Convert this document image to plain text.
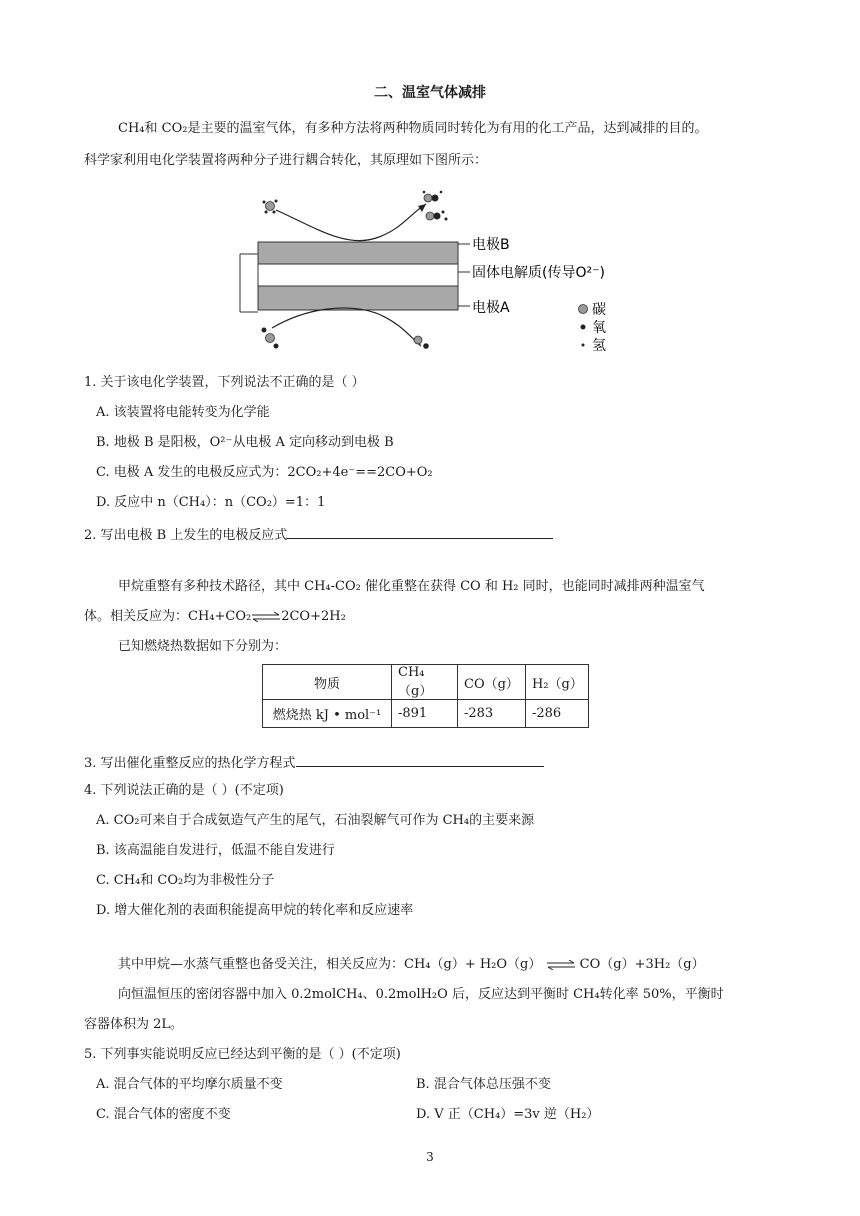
二、温室气体减排
CH₄和 CO₂是主要的温室气体，有多种方法将两种物质同时转化为有用的化工产品，达到减排的目的。
科学家利用电化学装置将两种分子进行耦合转化，其原理如下图所示：
电极B
固体电解质(传导O²⁻)
电极A	碳
氧
氢
1. 关于该电化学装置，下列说法不正确的是（ ）
A. 该装置将电能转变为化学能
B. 地极 B 是阳极，O²⁻从电极 A 定向移动到电极 B
C. 电极 A 发生的电极反应式为：2CO₂+4e⁻==2CO+O₂
D. 反应中 n（CH₄）：n（CO₂）=1：1
2. 写出电极 B 上发生的电极反应式
甲烷重整有多种技术路径，其中 CH₄-CO₂ 催化重整在获得 CO 和 H₂ 同时，也能同时减排两种温室气
体。相关反应为：CH₄+CO₂⇌2CO+2H₂
已知燃烧热数据如下分别为：
物质	CH₄（g）	CO（g）	H₂（g）
燃烧热 kJ • mol⁻¹	-891	-283	-286
3. 写出催化重整反应的热化学方程式
4. 下列说法正确的是（ ）(不定项)
A. CO₂可来自于合成氨造气产生的尾气，石油裂解气可作为 CH₄的主要来源
B. 该高温能自发进行，低温不能自发进行
C. CH₄和 CO₂均为非极性分子
D. 增大催化剂的表面积能提高甲烷的转化率和反应速率
其中甲烷—水蒸气重整也备受关注，相关反应为：CH₄（g）+ H₂O（g） ⇌ CO（g）+3H₂（g）
向恒温恒压的密闭容器中加入 0.2molCH₄、0.2molH₂O 后，反应达到平衡时 CH₄转化率 50%，平衡时
容器体积为 2L。
5. 下列事实能说明反应已经达到平衡的是（ ）(不定项)
A. 混合气体的平均摩尔质量不变	B. 混合气体总压强不变
C. 混合气体的密度不变	D. V 正（CH₄）=3v 逆（H₂）
3
